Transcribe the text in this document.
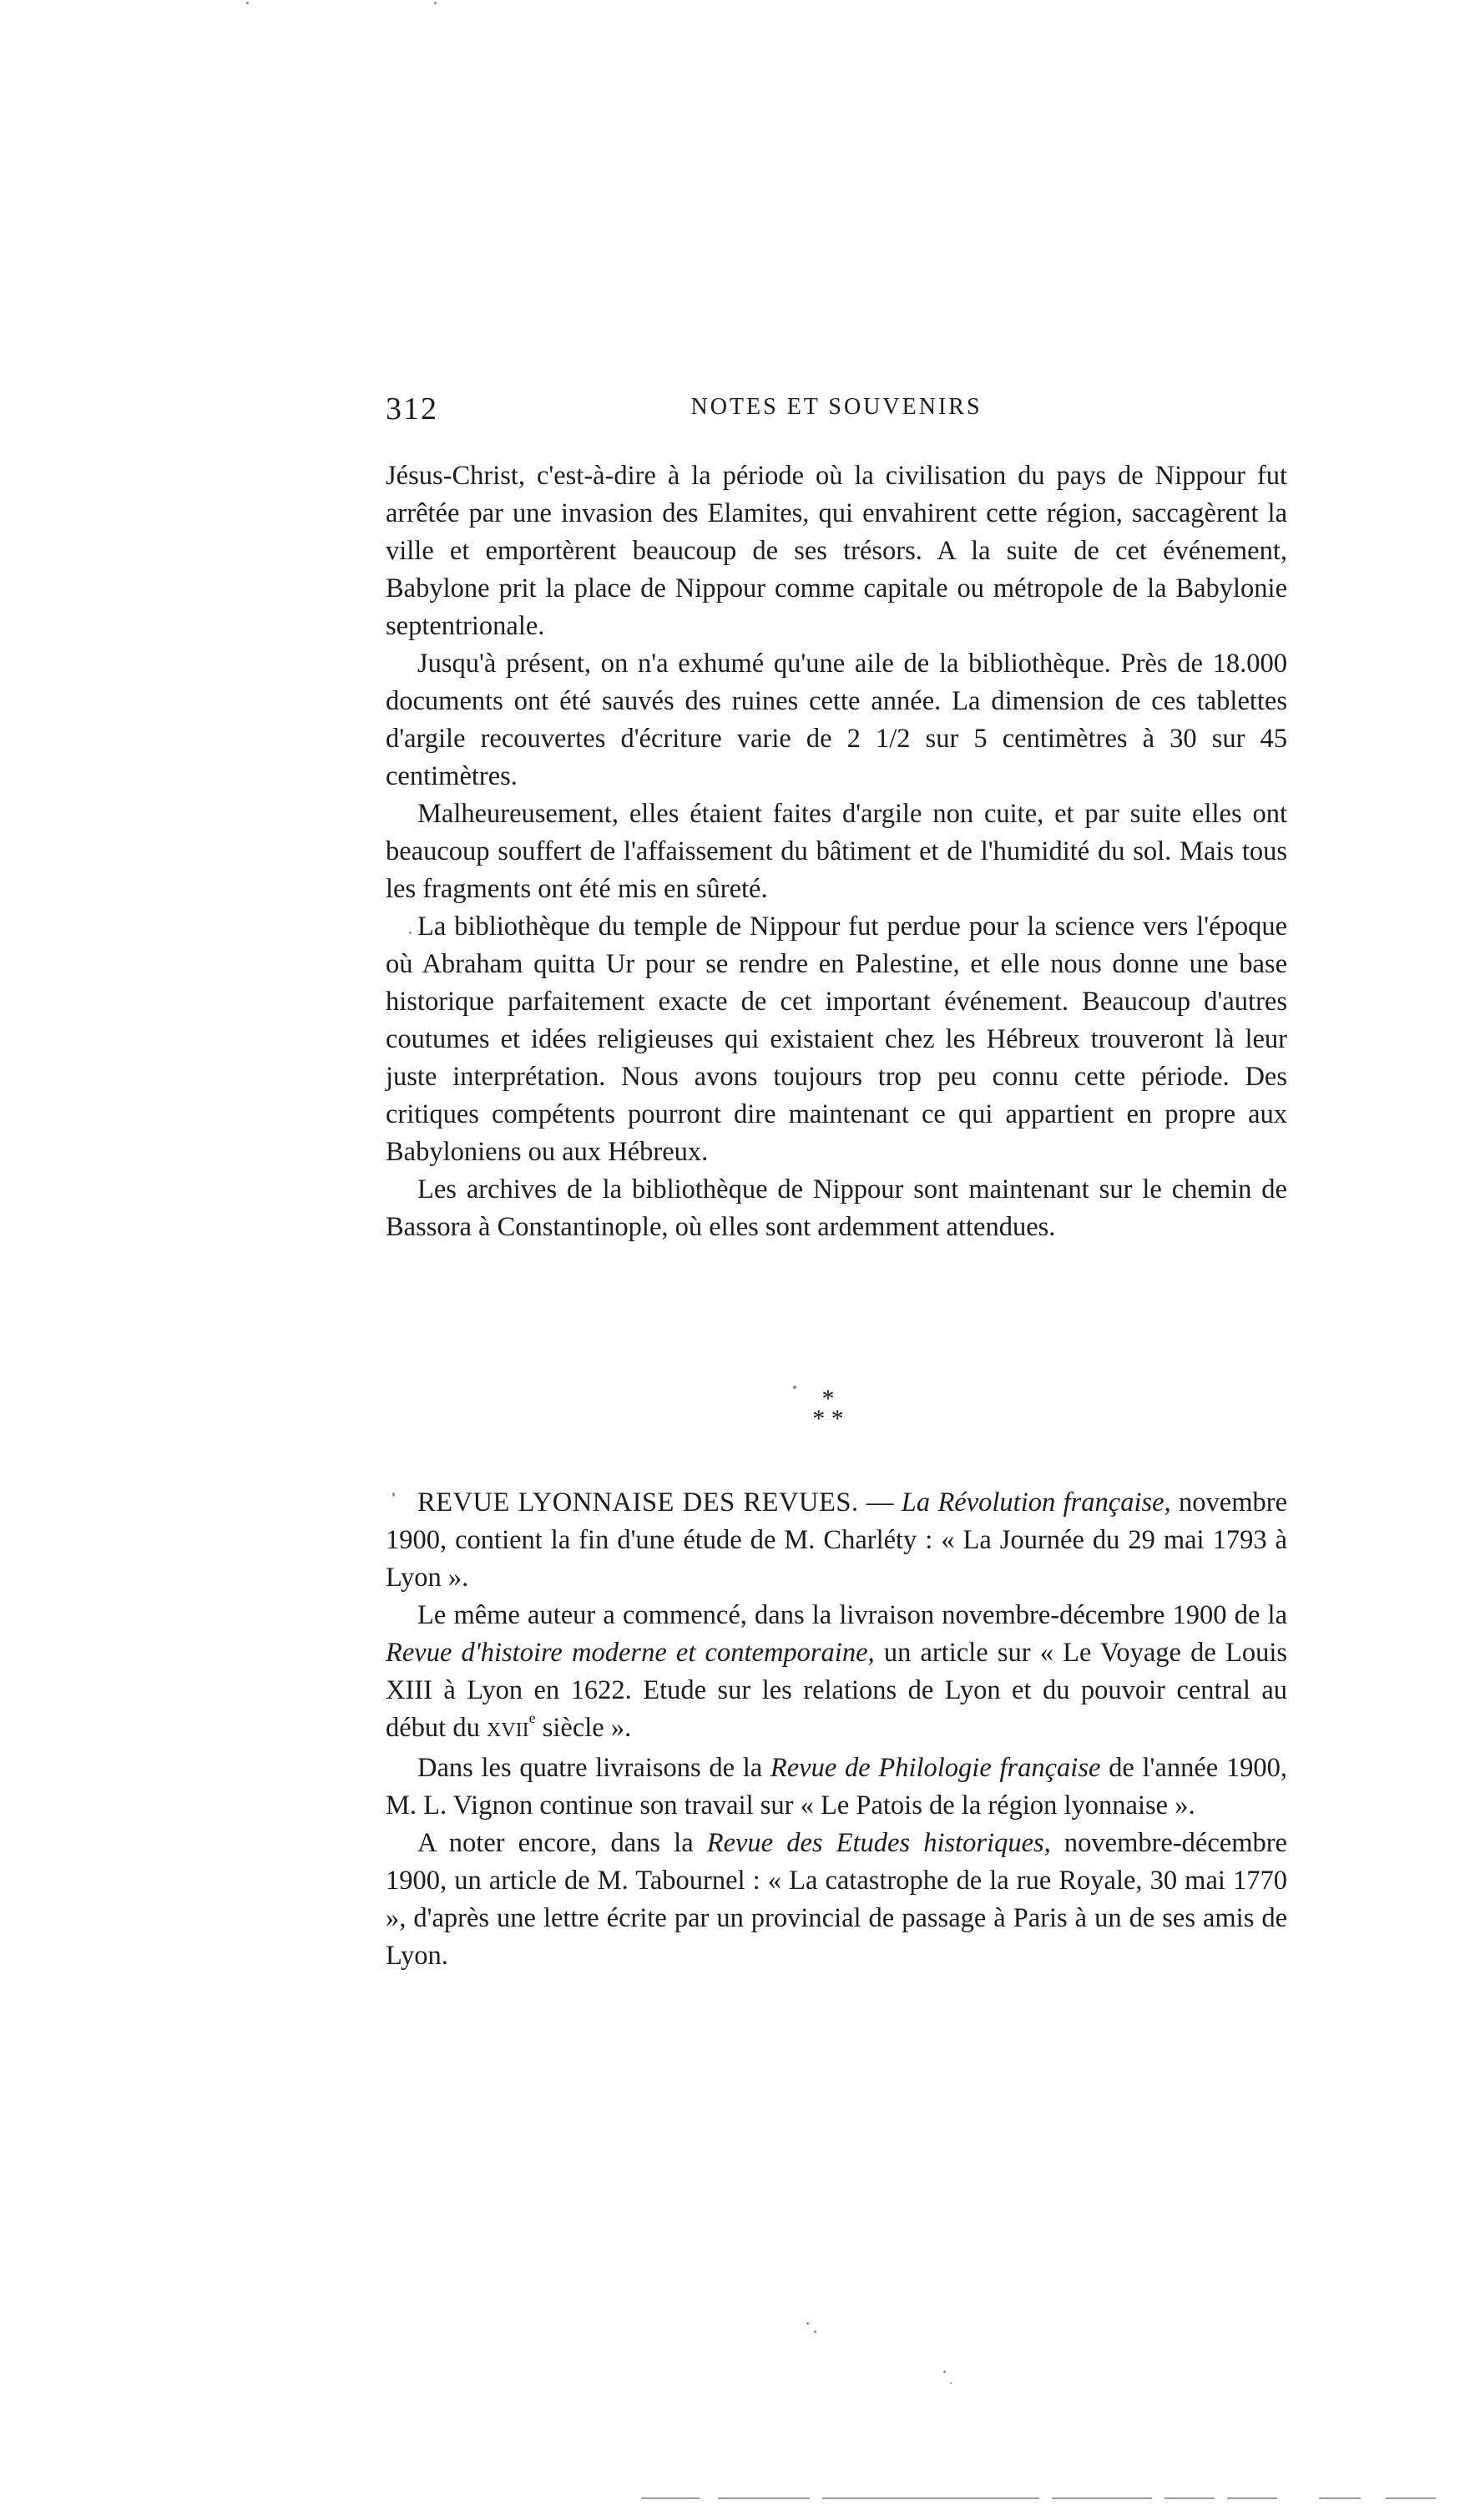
312	NOTES ET SOUVENIRS

Jésus-Christ, c'est-à-dire à la période où la civilisation du pays de Nippour fut arrêtée par une invasion des Elamites, qui envahirent cette région, saccagèrent la ville et emportèrent beaucoup de ses trésors. A la suite de cet événement, Babylone prit la place de Nippour comme capitale ou métropole de la Babylonie septentrionale.

Jusqu'à présent, on n'a exhumé qu'une aile de la bibliothèque. Près de 18.000 documents ont été sauvés des ruines cette année. La dimension de ces tablettes d'argile recouvertes d'écriture varie de 2 1/2 sur 5 centimètres à 30 sur 45 centimètres.

Malheureusement, elles étaient faites d'argile non cuite, et par suite elles ont beaucoup souffert de l'affaissement du bâtiment et de l'humidité du sol. Mais tous les fragments ont été mis en sûreté.

La bibliothèque du temple de Nippour fut perdue pour la science vers l'époque où Abraham quitta Ur pour se rendre en Palestine, et elle nous donne une base historique parfaitement exacte de cet important événement. Beaucoup d'autres coutumes et idées religieuses qui existaient chez les Hébreux trouveront là leur juste interprétation. Nous avons toujours trop peu connu cette période. Des critiques compétents pourront dire maintenant ce qui appartient en propre aux Babyloniens ou aux Hébreux.

Les archives de la bibliothèque de Nippour sont maintenant sur le chemin de Bassora à Constantinople, où elles sont ardemment attendues.

*
* *

REVUE LYONNAISE DES REVUES. — La Révolution française, novembre 1900, contient la fin d'une étude de M. Charléty : « La Journée du 29 mai 1793 à Lyon ».

Le même auteur a commencé, dans la livraison novembre-décembre 1900 de la Revue d'histoire moderne et contemporaine, un article sur « Le Voyage de Louis XIII à Lyon en 1622. Etude sur les relations de Lyon et du pouvoir central au début du XVIIe siècle ».

Dans les quatre livraisons de la Revue de Philologie française de l'année 1900, M. L. Vignon continue son travail sur « Le Patois de la région lyonnaise ».

A noter encore, dans la Revue des Etudes historiques, novembre-décembre 1900, un article de M. Tabournel : « La catastrophe de la rue Royale, 30 mai 1770 », d'après une lettre écrite par un provincial de passage à Paris à un de ses amis de Lyon.
